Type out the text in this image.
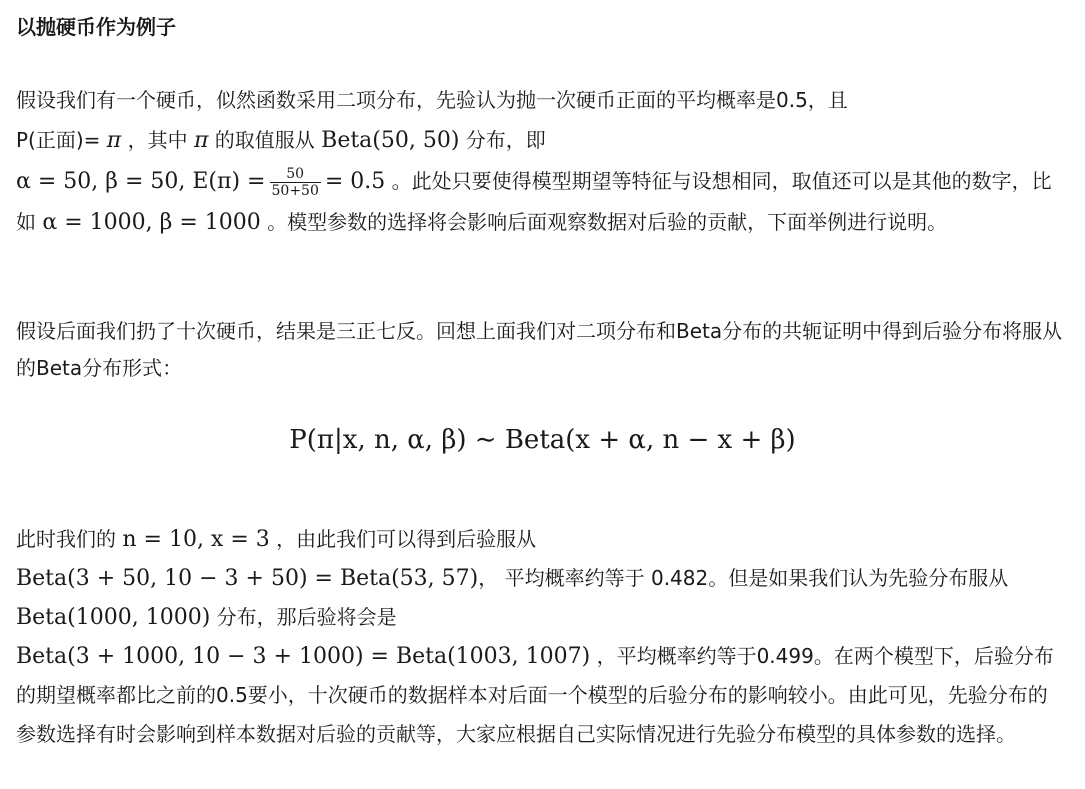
以抛硬币作为例子

假设我们有一个硬币，似然函数采用二项分布，先验认为抛一次硬币正面的平均概率是0.5，且
P(正面)= π ，其中 π 的取值服从 Beta(50, 50) 分布，即
α = 50, β = 50, $E(\pi) = \frac{50}{50+50} = 0.5$ 。此处只要使得模型期望等特征与设想相同，取值还可以是其他的数字，比如 α = 1000, β = 1000 。模型参数的选择将会影响后面观察数据对后验的贡献，下面举例进行说明。

假设后面我们扔了十次硬币，结果是三正七反。回想上面我们对二项分布和Beta分布的共轭证明中得到后验分布将服从的Beta分布形式：

P(π|x, n, α, β) ∼ Beta(x + α, n − x + β)

此时我们的 n = 10, x = 3 ，由此我们可以得到后验服从
Beta(3 + 50, 10 − 3 + 50) = Beta(53, 57)， 平均概率约等于 0.482。但是如果我们认为先验分布服从 Beta(1000, 1000) 分布，那后验将会是
Beta(3 + 1000, 10 − 3 + 1000) = Beta(1003, 1007) ，平均概率约等于0.499。在两个模型下，后验分布的期望概率都比之前的0.5要小，十次硬币的数据样本对后面一个模型的后验分布的影响较小。由此可见，先验分布的参数选择有时会影响到样本数据对后验的贡献等，大家应根据自己实际情况进行先验分布模型的具体参数的选择。
